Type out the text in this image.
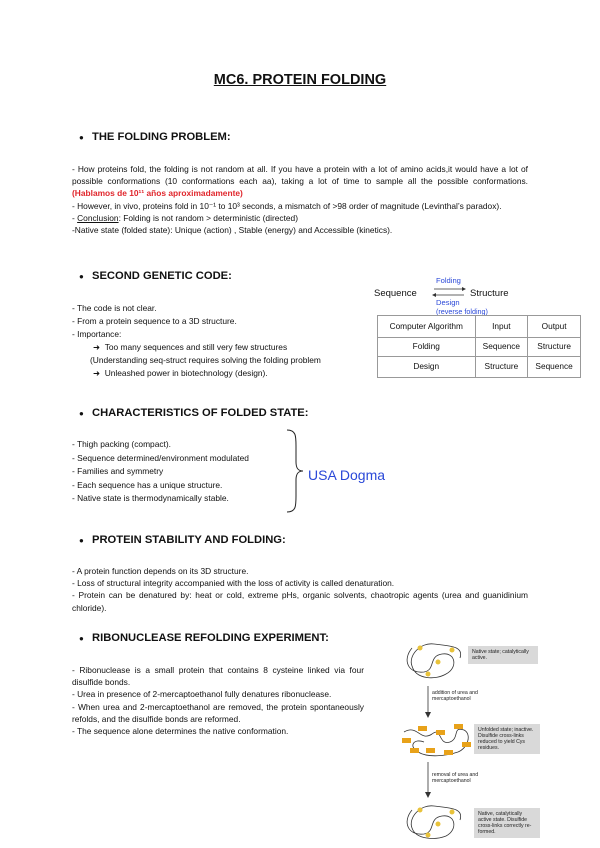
MC6. PROTEIN FOLDING
● THE FOLDING PROBLEM:

- How proteins fold, the folding is not random at all. If you have a protein with a lot of amino acids,it would have a lot of possible conformations (10 conformations each aa), taking a lot of time to sample all the possible conformations. (Hablamos de 10¹¹ años aproximadamente)

- However, in vivo, proteins fold in 10⁻¹ to 10³ seconds, a mismatch of >98 order of magnitude (Levinthal’s paradox).

- Conclusion: Folding is not random > deterministic (directed)

-Native state (folded state): Unique (action) , Stable (energy) and Accessible (kinetics).

● SECOND GENETIC CODE:
- The code is not clear.
- From a protein sequence to a 3D structure.
- Importance:
➜ Too many sequences and still very few structures
(Understanding seq-struct requires solving the folding problem
➜ Unleashed power in biotechnology (design).
Folding
Sequence	Structure
Design
(reverse folding)
Computer Algorithm	Input	Output
Folding	Sequence	Structure
Design	Structure	Sequence
● CHARACTERISTICS OF FOLDED STATE:
- Thigh packing (compact).
- Sequence determined/environment modulated
- Families and symmetry
- Each sequence has a unique structure.
- Native state is thermodynamically stable.
USA Dogma
● PROTEIN STABILITY AND FOLDING:

- A protein function depends on its 3D structure.

- Loss of structural integrity accompanied with the loss of activity is called denaturation.

- Protein can be denatured by: heat or cold, extreme pHs, organic solvents, chaotropic agents (urea and guanidinium chloride).

● RIBONUCLEASE REFOLDING EXPERIMENT:
- Ribonuclease is a small protein that contains 8 cysteine linked via four disulfide bonds.
- Urea in presence of 2-mercaptoethanol fully denatures ribonuclease.
- When urea and 2-mercaptoethanol are removed, the protein spontaneously refolds, and the disulfide bonds are reformed.
- The sequence alone determines the native conformation.
Native state; catalytically active.
addition of urea and mercaptoethanol
Unfolded state; inactive. Disulfide cross-links reduced to yield Cys residues.
removal of urea and mercaptoethanol
Native, catalytically active state. Disulfide cross-links correctly re-formed.
